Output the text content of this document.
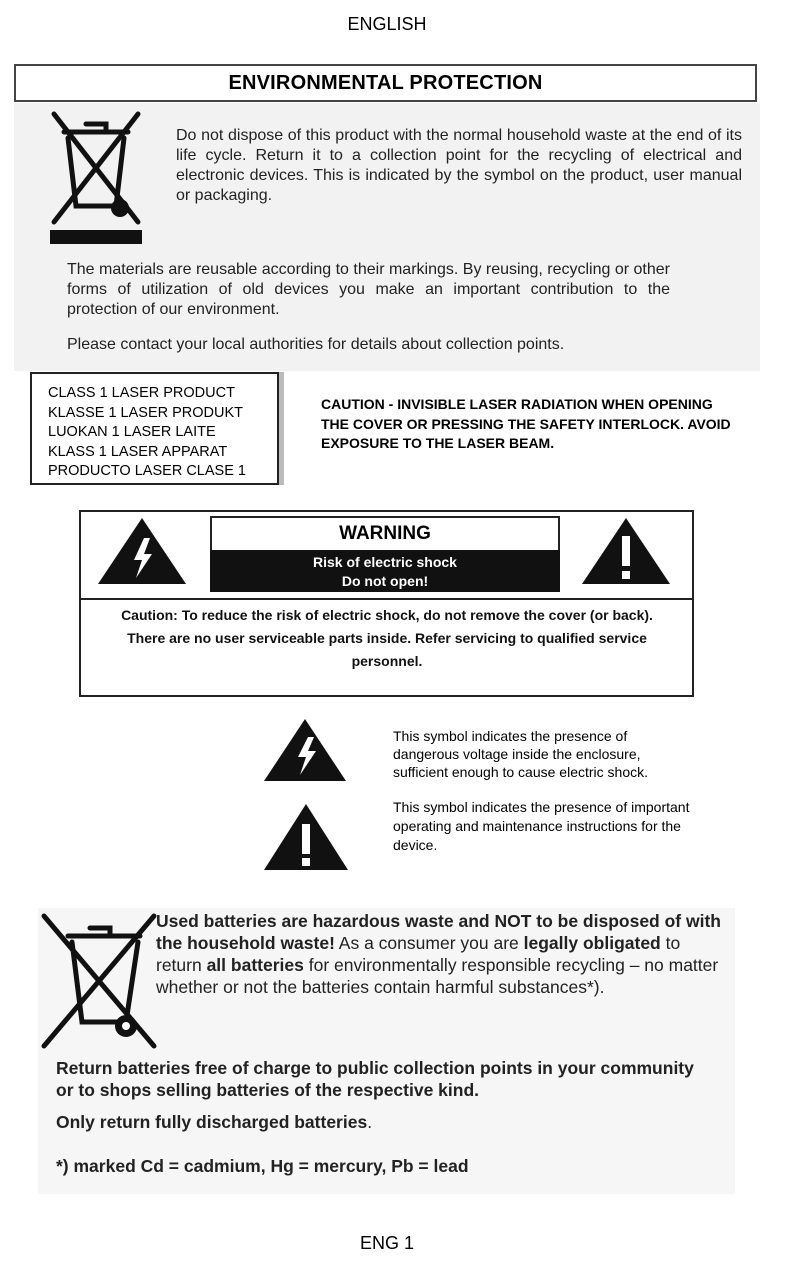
ENGLISH
ENVIRONMENTAL PROTECTION
Do not dispose of this product with the normal household waste at the end of its life cycle. Return it to a collection point for the recycling of electrical and electronic devices. This is indicated by the symbol on the product, user manual or packaging.
The materials are reusable according to their markings. By reusing, recycling or other forms of utilization of old devices you make an important contribution to the protection of our environment.
Please contact your local authorities for details about collection points.
CLASS 1 LASER PRODUCT
KLASSE 1 LASER PRODUKT
LUOKAN 1 LASER LAITE
KLASS 1 LASER APPARAT
PRODUCTO LASER CLASE 1
CAUTION - INVISIBLE LASER RADIATION WHEN OPENING THE COVER OR PRESSING THE SAFETY INTERLOCK. AVOID EXPOSURE TO THE LASER BEAM.
WARNING
Risk of electric shock
Do not open!
Caution: To reduce the risk of electric shock, do not remove the cover (or back).
There are no user serviceable parts inside. Refer servicing to qualified service
personnel.
This symbol indicates the presence of dangerous voltage inside the enclosure, sufficient enough to cause electric shock.
This symbol indicates the presence of important operating and maintenance instructions for the device.
Used batteries are hazardous waste and NOT to be disposed of with the household waste! As a consumer you are legally obligated to return all batteries for environmentally responsible recycling – no matter whether or not the batteries contain harmful substances*).
Return batteries free of charge to public collection points in your community or to shops selling batteries of the respective kind.
Only return fully discharged batteries.
*) marked Cd = cadmium, Hg = mercury, Pb = lead
ENG 1
